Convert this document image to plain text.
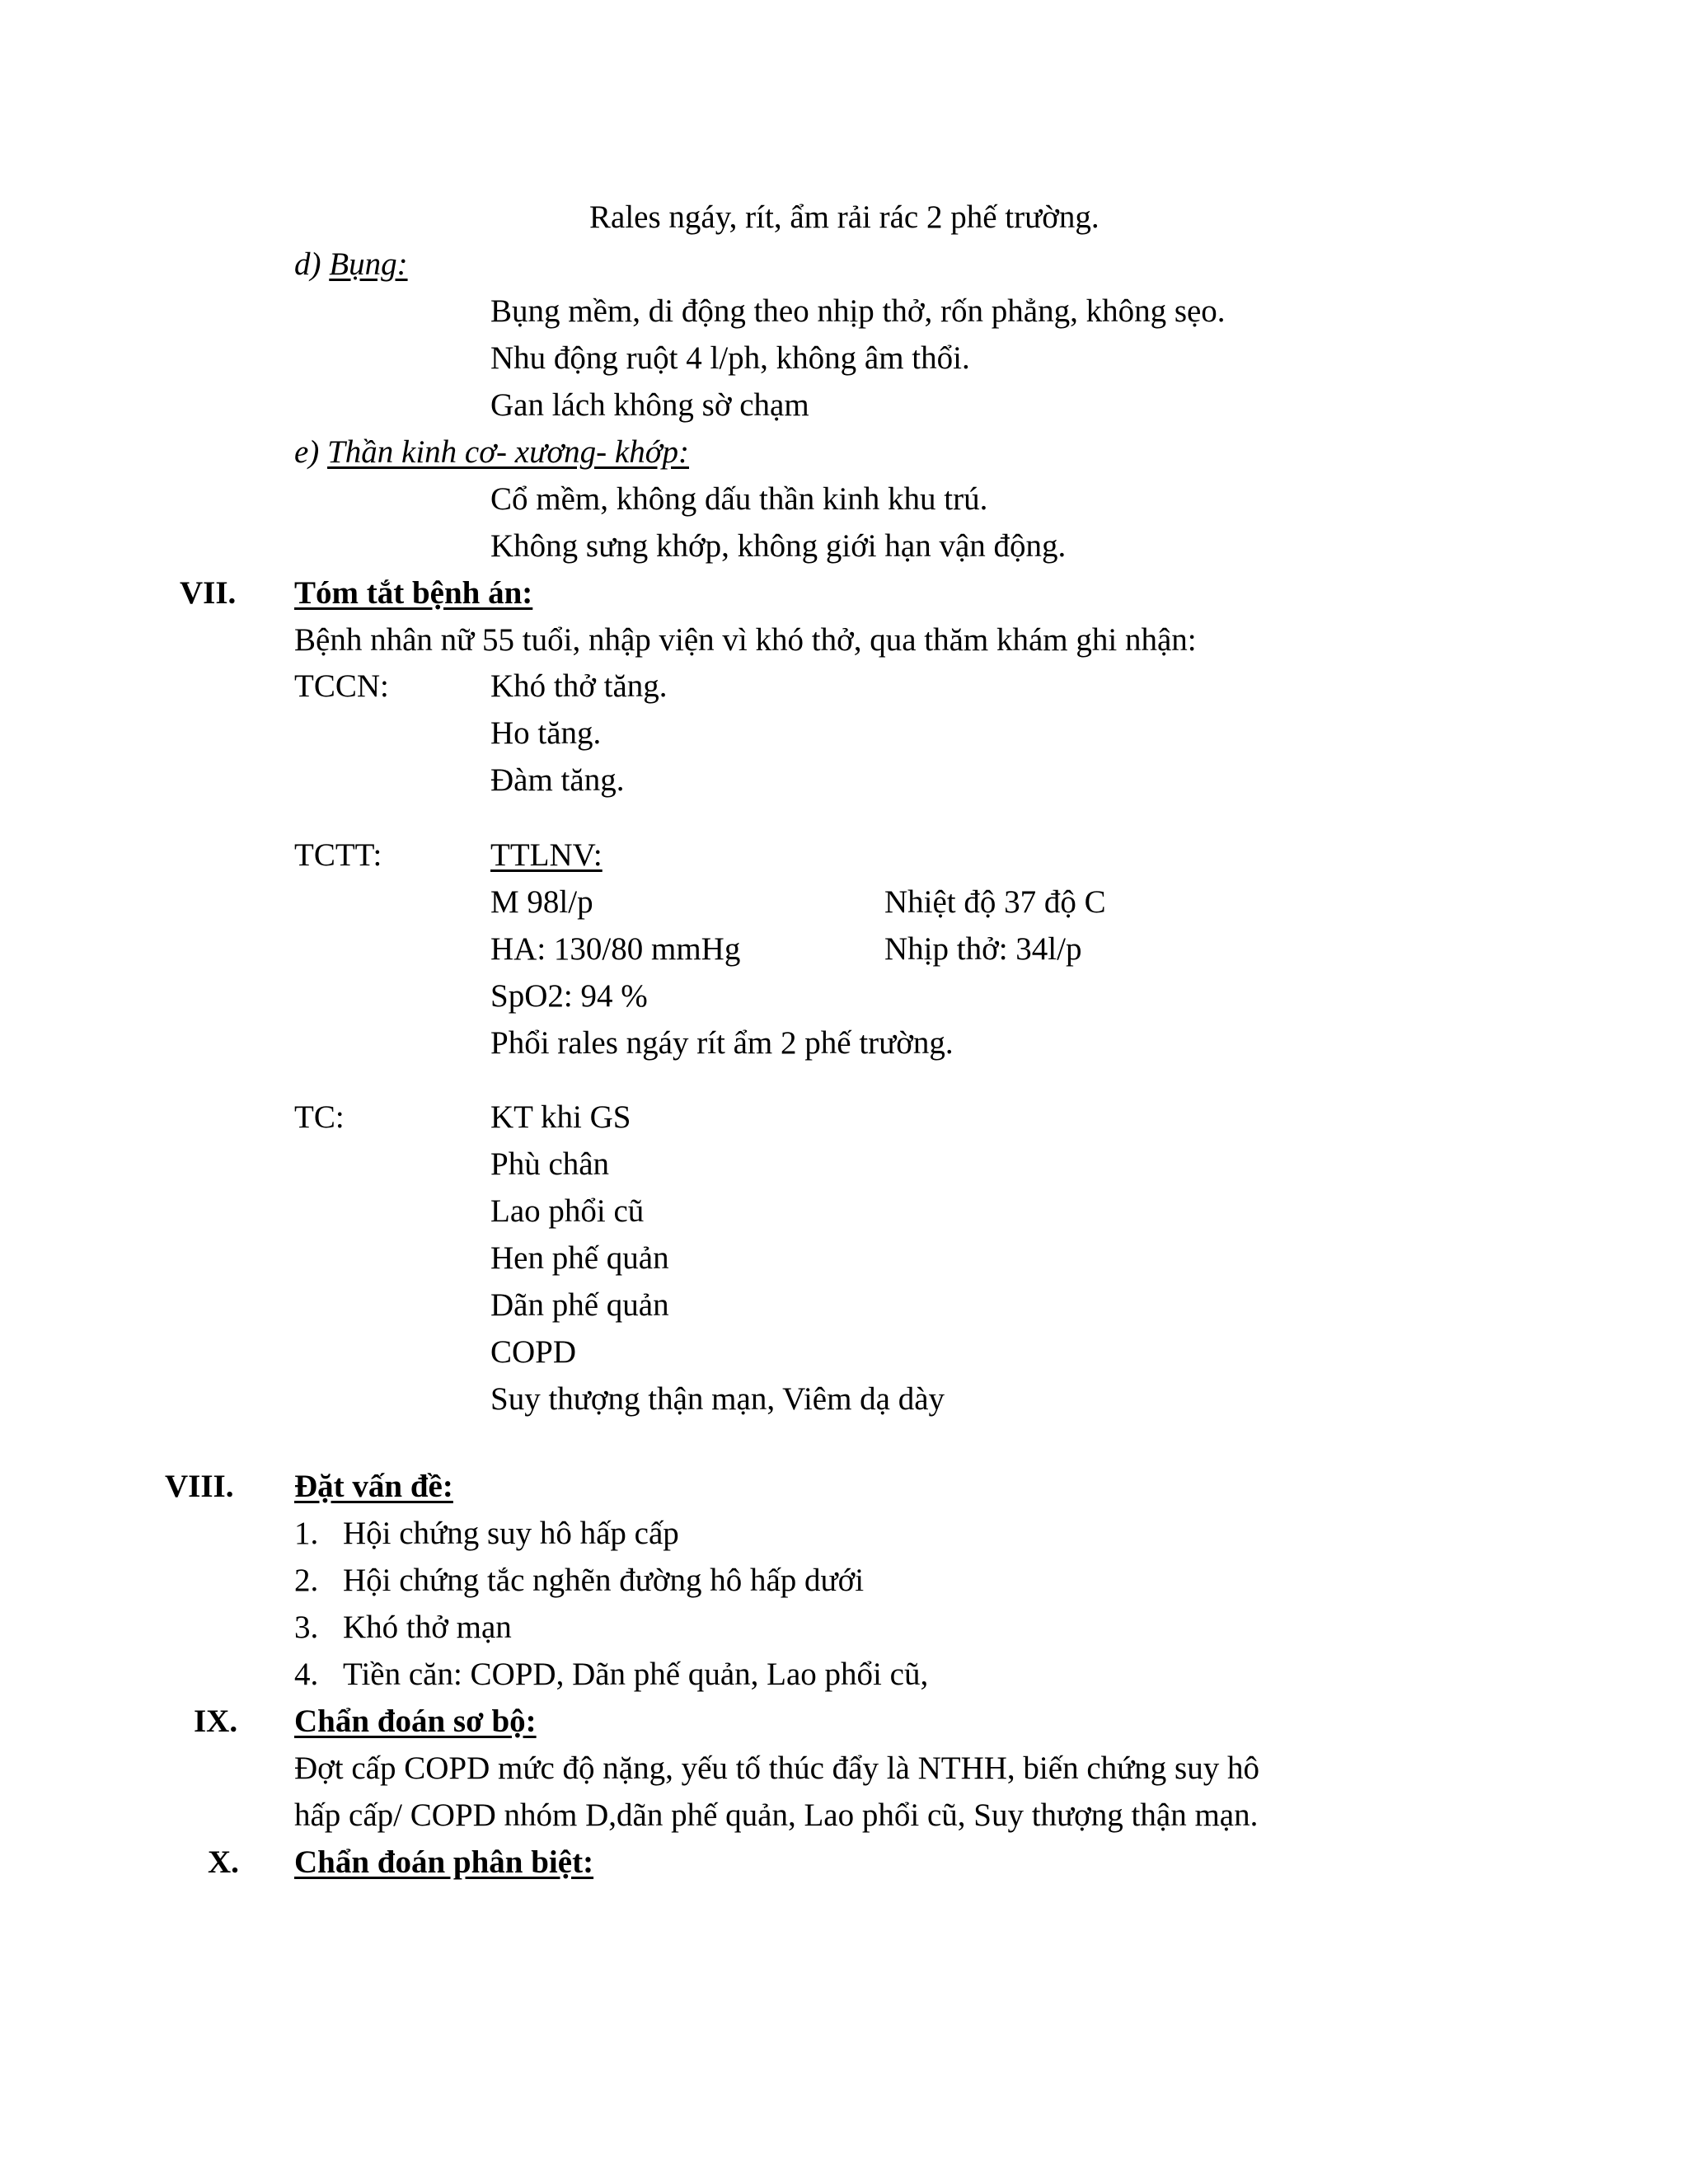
Rales ngáy, rít, ẩm rải rác 2 phế trường.
d) Bụng:
Bụng mềm, di động theo nhịp thở, rốn phẳng, không sẹo.
Nhu động ruột 4 l/ph, không âm thổi.
Gan lách không sờ chạm
e) Thần kinh cơ- xương- khớp:
Cổ mềm, không dấu thần kinh khu trú.
Không sưng khớp, không giới hạn vận động.
VII. Tóm tắt bệnh án:
Bệnh nhân nữ 55 tuổi, nhập viện vì khó thở, qua thăm khám ghi nhận:
TCCN:	Khó thở tăng.
Ho tăng.
Đàm tăng.
TCTT:	TTLNV:
M 98l/p	Nhiệt độ 37 độ C
HA: 130/80 mmHg	Nhịp thở: 34l/p
SpO2: 94 %
Phổi rales ngáy rít ẩm 2 phế trường.
TC:	KT khi GS
Phù chân
Lao phổi cũ
Hen phế quản
Dãn phế quản
COPD
Suy thượng thận mạn, Viêm dạ dày
VIII. Đặt vấn đề:
1. Hội chứng suy hô hấp cấp
2. Hội chứng tắc nghẽn đường hô hấp dưới
3. Khó thở mạn
4. Tiền căn: COPD, Dãn phế quản, Lao phổi cũ,
IX. Chẩn đoán sơ bộ:
Đợt cấp COPD mức độ nặng, yếu tố thúc đẩy là NTHH, biến chứng suy hô
hấp cấp/ COPD nhóm D,dãn phế quản, Lao phổi cũ, Suy thượng thận mạn.
X. Chẩn đoán phân biệt:
